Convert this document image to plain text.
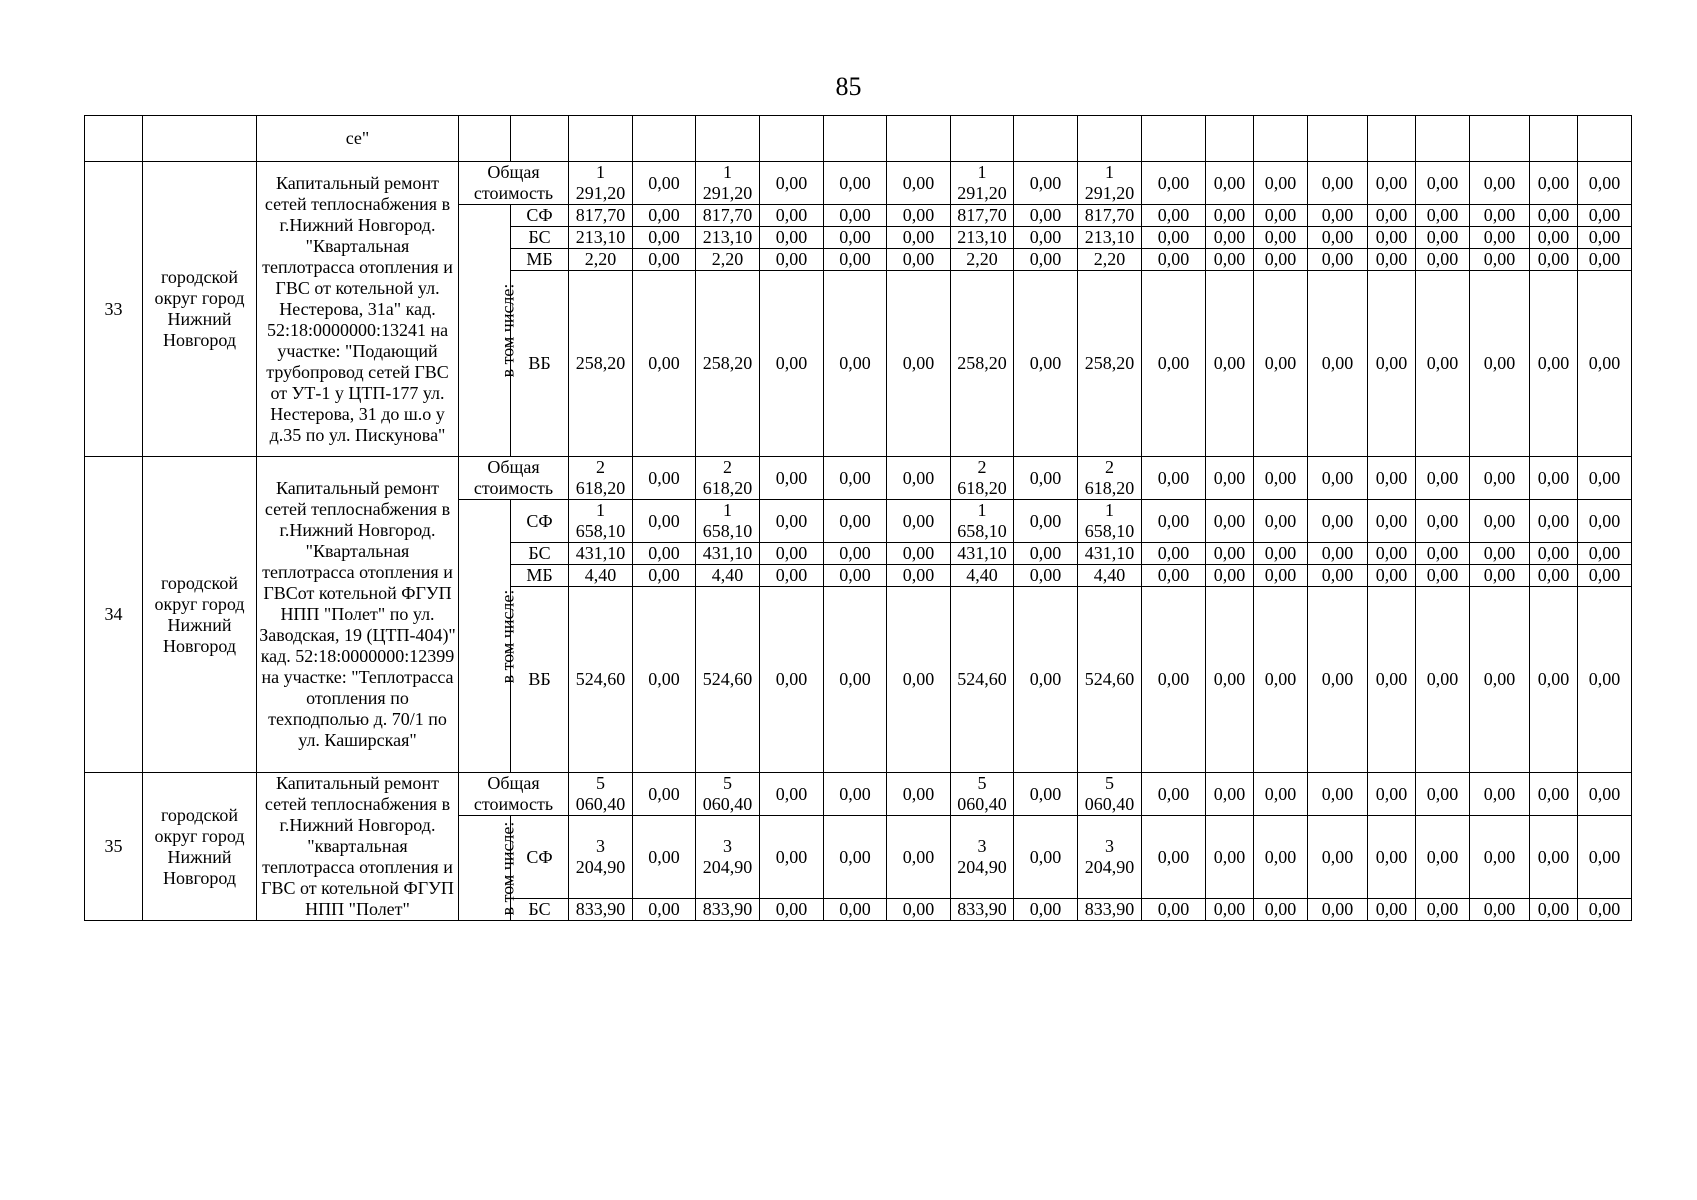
85
		се"																				
33	городской округ город Нижний Новгород	Капитальный ремонт сетей теплоснабжения в г.Нижний Новгород. "Квартальная теплотрасса отопления и ГВС от котельной ул. Нестерова, 31а" кад. 52:18:0000000:13241 на участке: "Подающий трубопровод сетей ГВС от УТ-1 у ЦТП-177 ул. Нестерова, 31 до ш.о у д.35 по ул. Пискунова"	Общая стоимость		1 291,20	0,00	1 291,20	0,00	0,00	0,00	1 291,20	0,00	1 291,20	0,00	0,00	0,00	0,00	0,00	0,00	0,00	0,00	0,00
			в том числе:	СФ	817,70	0,00	817,70	0,00	0,00	0,00	817,70	0,00	817,70	0,00	0,00	0,00	0,00	0,00	0,00	0,00	0,00	0,00
				БС	213,10	0,00	213,10	0,00	0,00	0,00	213,10	0,00	213,10	0,00	0,00	0,00	0,00	0,00	0,00	0,00	0,00	0,00
				МБ	2,20	0,00	2,20	0,00	0,00	0,00	2,20	0,00	2,20	0,00	0,00	0,00	0,00	0,00	0,00	0,00	0,00	0,00
				ВБ	258,20	0,00	258,20	0,00	0,00	0,00	258,20	0,00	258,20	0,00	0,00	0,00	0,00	0,00	0,00	0,00	0,00	0,00
34	городской округ город Нижний Новгород	Капитальный ремонт сетей теплоснабжения в г.Нижний Новгород. "Квартальная теплотрасса отопления и ГВСот котельной ФГУП НПП "Полет" по ул. Заводская, 19 (ЦТП-404)" кад. 52:18:0000000:12399 на участке: "Теплотрасса отопления по техподполью д. 70/1 по ул. Каширская"	Общая стоимость		2 618,20	0,00	2 618,20	0,00	0,00	0,00	2 618,20	0,00	2 618,20	0,00	0,00	0,00	0,00	0,00	0,00	0,00	0,00	0,00
			в том числе:	СФ	1 658,10	0,00	1 658,10	0,00	0,00	0,00	1 658,10	0,00	1 658,10	0,00	0,00	0,00	0,00	0,00	0,00	0,00	0,00	0,00
				БС	431,10	0,00	431,10	0,00	0,00	0,00	431,10	0,00	431,10	0,00	0,00	0,00	0,00	0,00	0,00	0,00	0,00	0,00
				МБ	4,40	0,00	4,40	0,00	0,00	0,00	4,40	0,00	4,40	0,00	0,00	0,00	0,00	0,00	0,00	0,00	0,00	0,00
				ВБ	524,60	0,00	524,60	0,00	0,00	0,00	524,60	0,00	524,60	0,00	0,00	0,00	0,00	0,00	0,00	0,00	0,00	0,00
35	городской округ город Нижний Новгород	Капитальный ремонт сетей теплоснабжения в г.Нижний Новгород. "квартальная теплотрасса отопления и ГВС от котельной ФГУП НПП "Полет"	Общая стоимость		5 060,40	0,00	5 060,40	0,00	0,00	0,00	5 060,40	0,00	5 060,40	0,00	0,00	0,00	0,00	0,00	0,00	0,00	0,00	0,00
			в том числе:	СФ	3 204,90	0,00	3 204,90	0,00	0,00	0,00	3 204,90	0,00	3 204,90	0,00	0,00	0,00	0,00	0,00	0,00	0,00	0,00	0,00
				БС	833,90	0,00	833,90	0,00	0,00	0,00	833,90	0,00	833,90	0,00	0,00	0,00	0,00	0,00	0,00	0,00	0,00	0,00
